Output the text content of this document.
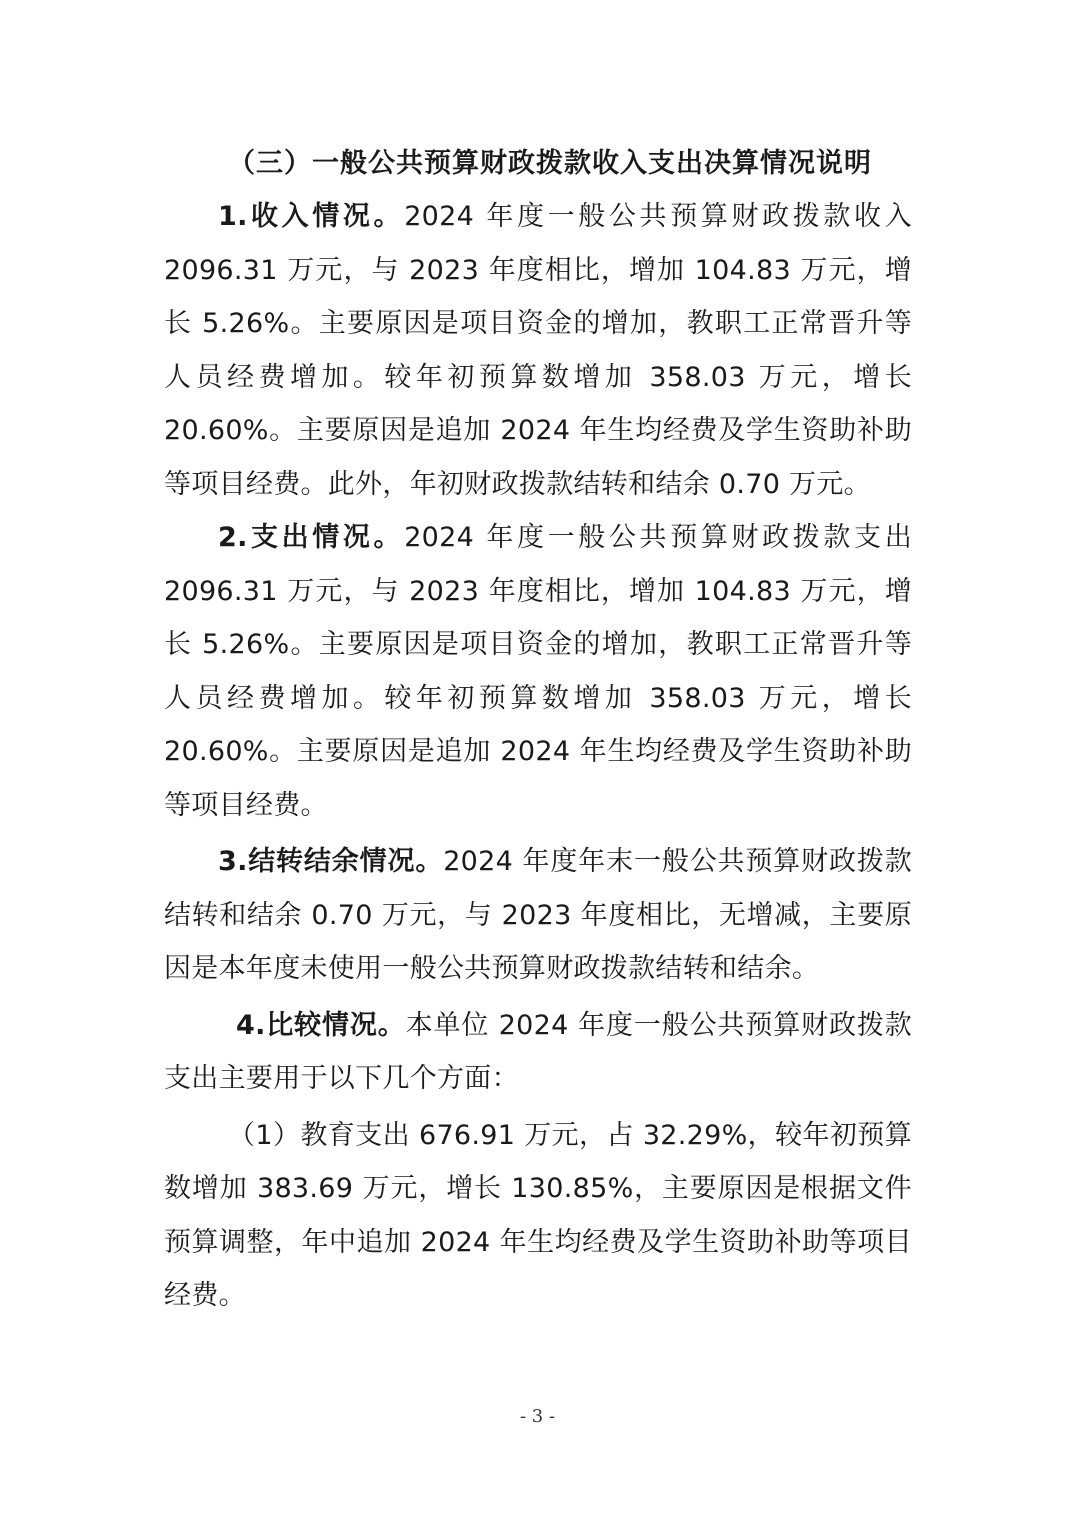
（三）一般公共预算财政拨款收入支出决算情况说明

1.收入情况。2024 年度一般公共预算财政拨款收入 2096.31 万元，与 2023 年度相比，增加 104.83 万元，增长 5.26%。主要原因是项目资金的增加，教职工正常晋升等人员经费增加。较年初预算数增加 358.03 万元，增长 20.60%。主要原因是追加 2024 年生均经费及学生资助补助等项目经费。此外，年初财政拨款结转和结余 0.70 万元。

2.支出情况。2024 年度一般公共预算财政拨款支出 2096.31 万元，与 2023 年度相比，增加 104.83 万元，增长 5.26%。主要原因是项目资金的增加，教职工正常晋升等人员经费增加。较年初预算数增加 358.03 万元，增长 20.60%。主要原因是追加 2024 年生均经费及学生资助补助等项目经费。

3.结转结余情况。2024 年度年末一般公共预算财政拨款结转和结余 0.70 万元，与 2023 年度相比，无增减，主要原因是本年度未使用一般公共预算财政拨款结转和结余。

4.比较情况。本单位 2024 年度一般公共预算财政拨款支出主要用于以下几个方面：

（1）教育支出 676.91 万元，占 32.29%，较年初预算数增加 383.69 万元，增长 130.85%，主要原因是根据文件预算调整，年中追加 2024 年生均经费及学生资助补助等项目经费。

- 3 -
